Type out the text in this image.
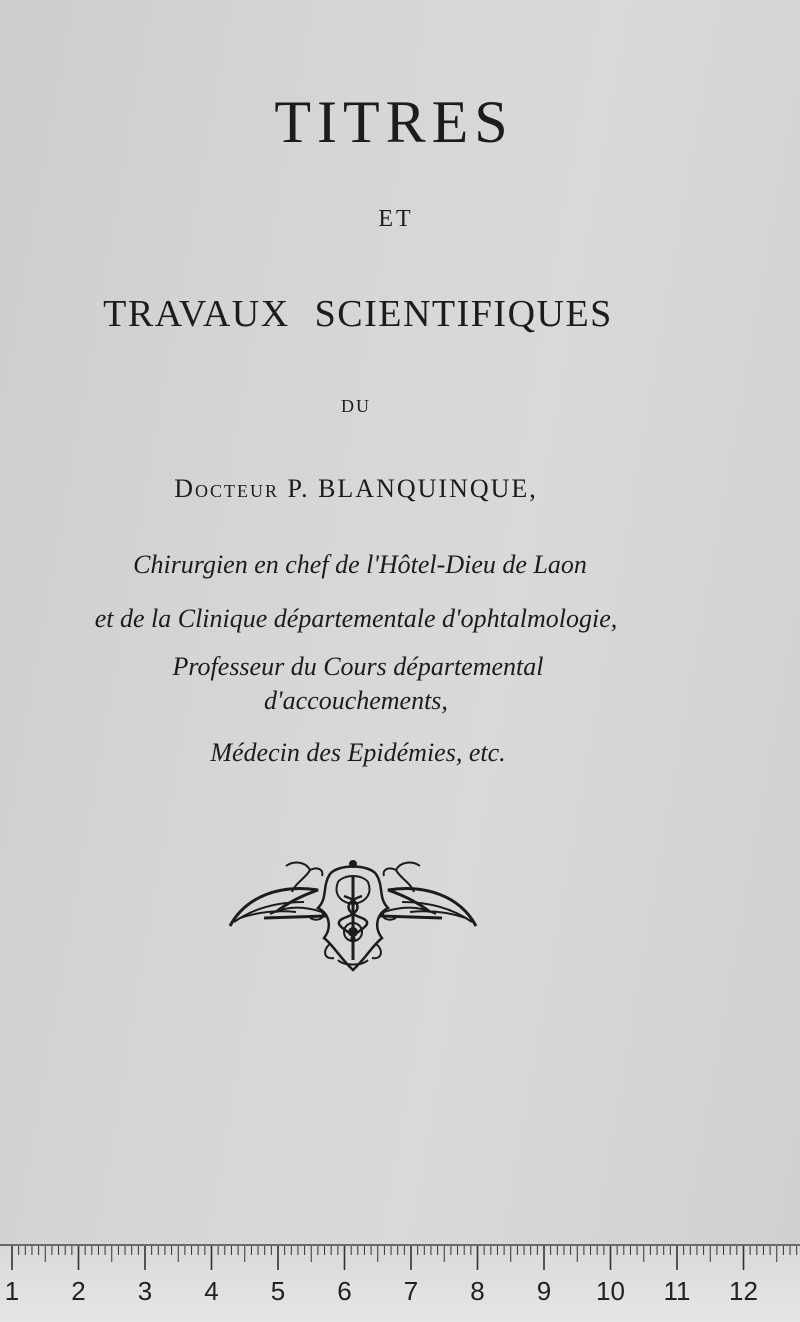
TITRES
ET
TRAVAUX SCIENTIFIQUES
DU
Docteur P. BLANQUINQUE,
Chirurgien en chef de l'Hôtel-Dieu de Laon
et de la Clinique départementale d'ophtalmologie,
Professeur du Cours départemental
d'accouchements,
Médecin des Epidémies, etc.
1	2	3	4	5	6	7	8	9	10 11 12
